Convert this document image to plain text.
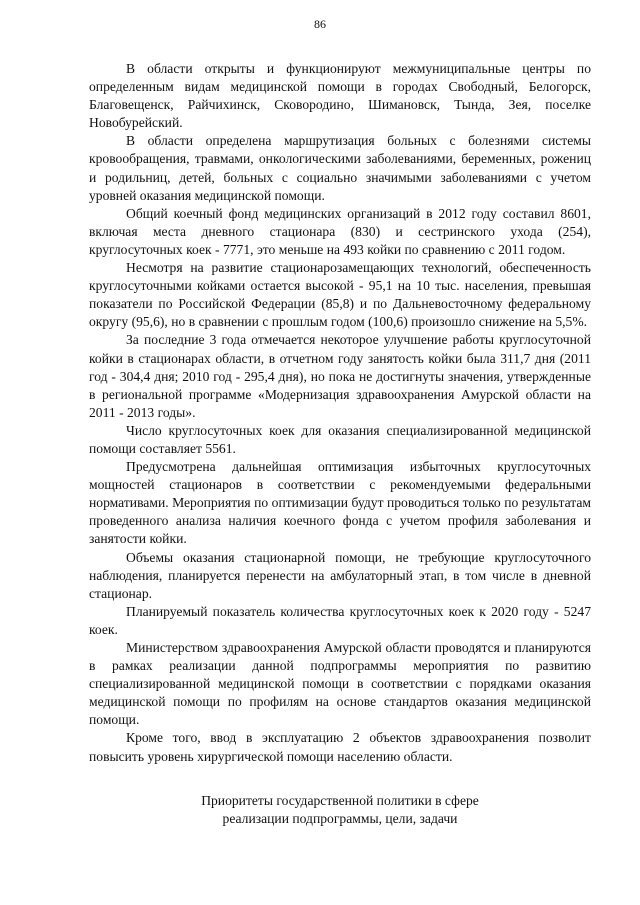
86

В области открыты и функционируют межмуниципальные центры по определенным видам медицинской помощи в городах Свободный, Белогорск, Благовещенск, Райчихинск, Сковородино, Шимановск, Тында, Зея, поселке Новобурейский.

В области определена маршрутизация больных с болезнями системы кровообращения, травмами, онкологическими заболеваниями, беременных, рожениц и родильниц, детей, больных с социально значимыми заболеваниями с учетом уровней оказания медицинской помощи.

Общий коечный фонд медицинских организаций в 2012 году составил 8601, включая места дневного стационара (830) и сестринского ухода (254), круглосуточных коек - 7771, это меньше на 493 койки по сравнению с 2011 годом.

Несмотря на развитие стационарозамещающих технологий, обеспеченность круглосуточными койками остается высокой - 95,1 на 10 тыс. населения, превышая показатели по Российской Федерации (85,8) и по Дальневосточному федеральному округу (95,6), но в сравнении с прошлым годом (100,6) произошло снижение на 5,5%.

За последние 3 года отмечается некоторое улучшение работы круглосуточной койки в стационарах области, в отчетном году занятость койки была 311,7 дня (2011 год - 304,4 дня; 2010 год - 295,4 дня), но пока не достигнуты значения, утвержденные в региональной программе «Модернизация здравоохранения Амурской области на 2011 - 2013 годы».

Число круглосуточных коек для оказания специализированной медицинской помощи составляет 5561.

Предусмотрена дальнейшая оптимизация избыточных круглосуточных мощностей стационаров в соответствии с рекомендуемыми федеральными нормативами. Мероприятия по оптимизации будут проводиться только по результатам проведенного анализа наличия коечного фонда с учетом профиля заболевания и занятости койки.

Объемы оказания стационарной помощи, не требующие круглосуточного наблюдения, планируется перенести на амбулаторный этап, в том числе в дневной стационар.

Планируемый показатель количества круглосуточных коек к 2020 году - 5247 коек.

Министерством здравоохранения Амурской области проводятся и планируются в рамках реализации данной подпрограммы мероприятия по развитию специализированной медицинской помощи в соответствии с порядками оказания медицинской помощи по профилям на основе стандартов оказания медицинской помощи.

Кроме того, ввод в эксплуатацию 2 объектов здравоохранения позволит повысить уровень хирургической помощи населению области.

Приоритеты государственной политики в сфере
реализации подпрограммы, цели, задачи
